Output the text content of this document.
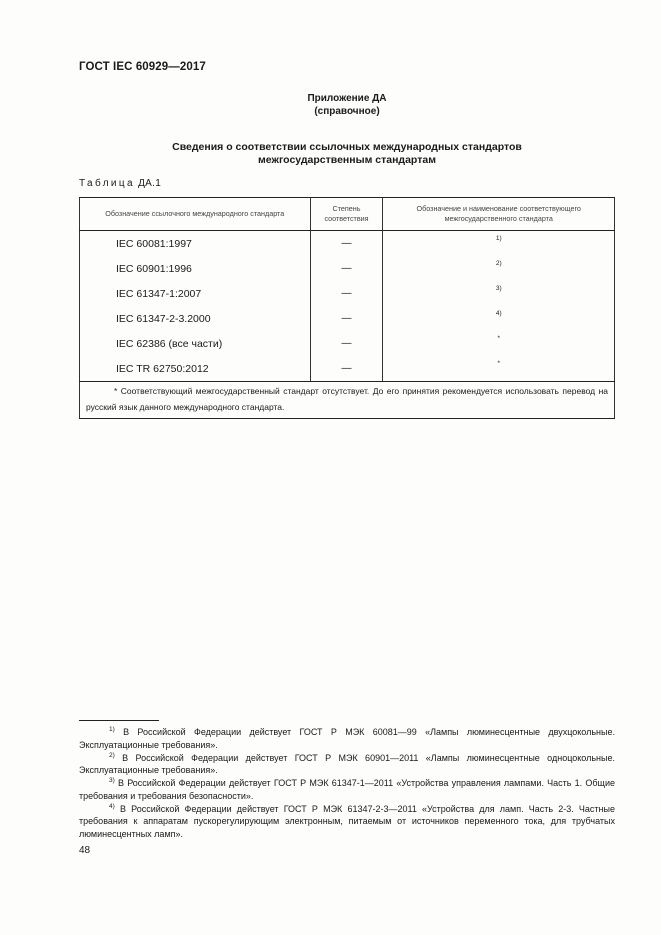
ГОСТ IEC 60929—2017
Приложение ДА
(справочное)
Сведения о соответствии ссылочных международных стандартов
межгосударственным стандартам
Таблица ДА.1
Обозначение ссылочного международного стандарта	Степень соответствия	Обозначение и наименование соответствующего межгосударственного стандарта
IEC 60081:1997	—	1)
IEC 60901:1996	—	2)
IEC 61347-1:2007	—	3)
IEC 61347-2-3.2000	—	4)
IEC 62386 (все части)	—	*
IEC TR 62750:2012	—	*
* Соответствующий межгосударственный стандарт отсутствует. До его принятия рекомендуется использовать перевод на русский язык данного международного стандарта.		
$^{1)}$ В Российской Федерации действует ГОСТ Р МЭК 60081—99 «Лампы люминесцентные двухцокольные. Эксплуатационные требования».
$^{2)}$ В Российской Федерации действует ГОСТ Р МЭК 60901—2011 «Лампы люминесцентные одноцокольные. Эксплуатационные требования».
$^{3)}$ В Российской Федерации действует ГОСТ Р МЭК 61347-1—2011 «Устройства управления лампами. Часть 1. Общие требования и требования безопасности».
$^{4)}$ В Российской Федерации действует ГОСТ Р МЭК 61347-2-3—2011 «Устройства для ламп. Часть 2-3. Частные требования к аппаратам пускорегулирующим электронным, питаемым от источников переменного тока, для трубчатых люминесцентных ламп».
48
